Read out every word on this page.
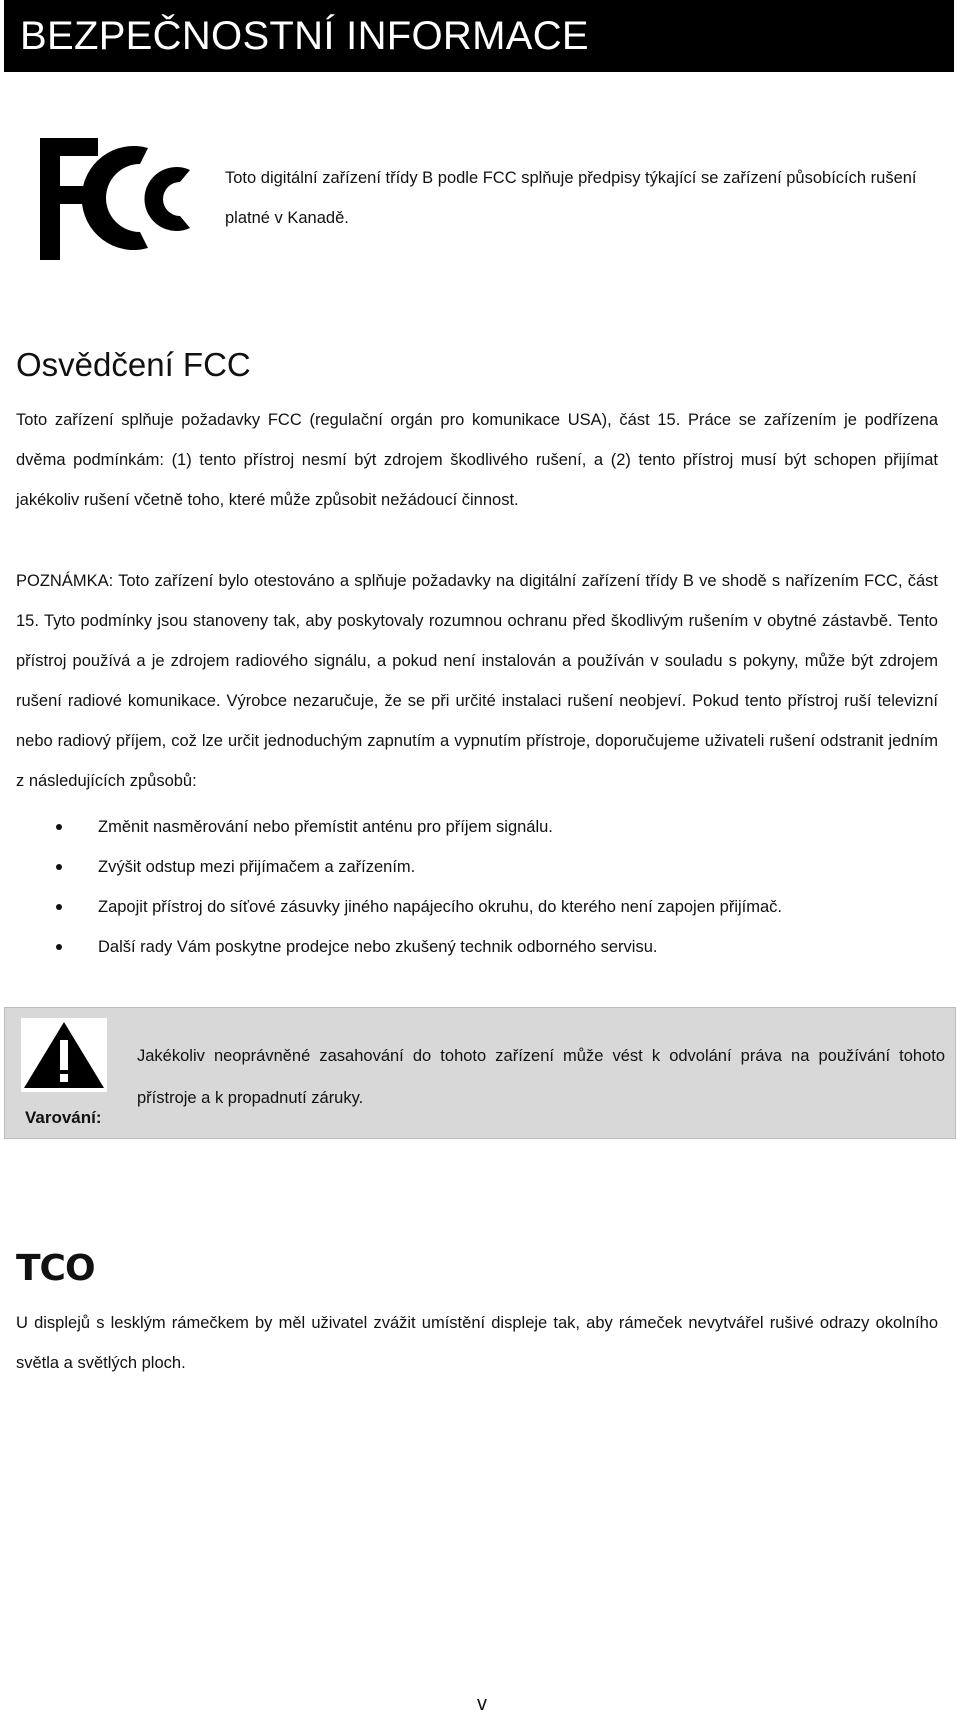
BEZPEČNOSTNÍ INFORMACE
Toto digitální zařízení třídy B podle FCC splňuje předpisy týkající se zařízení působících rušení platné v Kanadě.
Osvědčení FCC
Toto zařízení splňuje požadavky FCC (regulační orgán pro komunikace USA), část 15. Práce se zařízením je podřízena dvěma podmínkám: (1) tento přístroj nesmí být zdrojem škodlivého rušení, a (2) tento přístroj musí být schopen přijímat jakékoliv rušení včetně toho, které může způsobit nežádoucí činnost.
POZNÁMKA: Toto zařízení bylo otestováno a splňuje požadavky na digitální zařízení třídy B ve shodě s nařízením FCC, část 15. Tyto podmínky jsou stanoveny tak, aby poskytovaly rozumnou ochranu před škodlivým rušením v obytné zástavbě. Tento přístroj používá a je zdrojem radiového signálu, a pokud není instalován a používán v souladu s pokyny, může být zdrojem rušení radiové komunikace. Výrobce nezaručuje, že se při určité instalaci rušení neobjeví. Pokud tento přístroj ruší televizní nebo radiový příjem, což lze určit jednoduchým zapnutím a vypnutím přístroje, doporučujeme uživateli rušení odstranit jedním z následujících způsobů:
Změnit nasměrování nebo přemístit anténu pro příjem signálu.
Zvýšit odstup mezi přijímačem a zařízením.
Zapojit přístroj do síťové zásuvky jiného napájecího okruhu, do kterého není zapojen přijímač.
Další rady Vám poskytne prodejce nebo zkušený technik odborného servisu.
Varování:
Jakékoliv neoprávněné zasahování do tohoto zařízení může vést k odvolání práva na používání tohoto přístroje a k propadnutí záruky.
TCO
U displejů s lesklým rámečkem by měl uživatel zvážit umístění displeje tak, aby rámeček nevytvářel rušivé odrazy okolního světla a světlých ploch.
v
